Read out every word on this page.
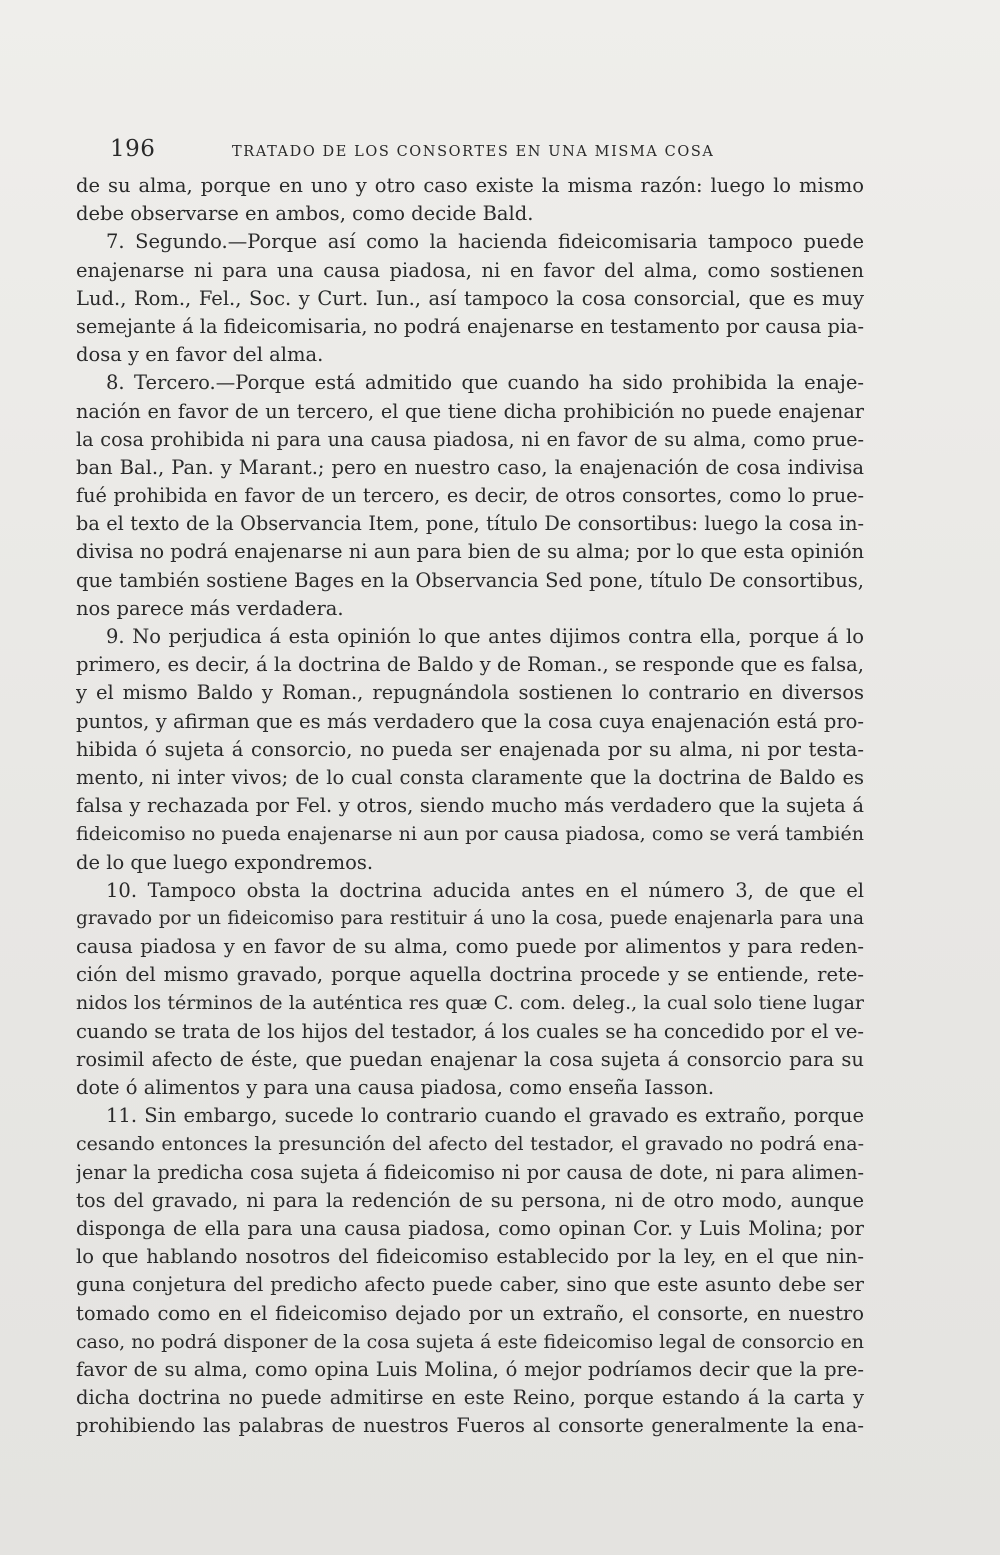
196	TRATADO DE LOS CONSORTES EN UNA MISMA COSA
de su alma, porque en uno y otro caso existe la misma razón: luego lo mismo
debe observarse en ambos, como decide Bald.
7. Segundo.—Porque así como la hacienda fideicomisaria tampoco puede
enajenarse ni para una causa piadosa, ni en favor del alma, como sostienen
Lud., Rom., Fel., Soc. y Curt. Iun., así tampoco la cosa consorcial, que es muy
semejante á la fideicomisaria, no podrá enajenarse en testamento por causa pia-
dosa y en favor del alma.
8. Tercero.—Porque está admitido que cuando ha sido prohibida la enaje-
nación en favor de un tercero, el que tiene dicha prohibición no puede enajenar
la cosa prohibida ni para una causa piadosa, ni en favor de su alma, como prue-
ban Bal., Pan. y Marant.; pero en nuestro caso, la enajenación de cosa indivisa
fué prohibida en favor de un tercero, es decir, de otros consortes, como lo prue-
ba el texto de la Observancia Item, pone, título De consortibus: luego la cosa in-
divisa no podrá enajenarse ni aun para bien de su alma; por lo que esta opinión
que también sostiene Bages en la Observancia Sed pone, título De consortibus,
nos parece más verdadera.
9. No perjudica á esta opinión lo que antes dijimos contra ella, porque á lo
primero, es decir, á la doctrina de Baldo y de Roman., se responde que es falsa,
y el mismo Baldo y Roman., repugnándola sostienen lo contrario en diversos
puntos, y afirman que es más verdadero que la cosa cuya enajenación está pro-
hibida ó sujeta á consorcio, no pueda ser enajenada por su alma, ni por testa-
mento, ni inter vivos; de lo cual consta claramente que la doctrina de Baldo es
falsa y rechazada por Fel. y otros, siendo mucho más verdadero que la sujeta á
fideicomiso no pueda enajenarse ni aun por causa piadosa, como se verá también
de lo que luego expondremos.
10. Tampoco obsta la doctrina aducida antes en el número 3, de que el
gravado por un fideicomiso para restituir á uno la cosa, puede enajenarla para una
causa piadosa y en favor de su alma, como puede por alimentos y para reden-
ción del mismo gravado, porque aquella doctrina procede y se entiende, rete-
nidos los términos de la auténtica res quæ C. com. deleg., la cual solo tiene lugar
cuando se trata de los hijos del testador, á los cuales se ha concedido por el ve-
rosimil afecto de éste, que puedan enajenar la cosa sujeta á consorcio para su
dote ó alimentos y para una causa piadosa, como enseña Iasson.
11. Sin embargo, sucede lo contrario cuando el gravado es extraño, porque
cesando entonces la presunción del afecto del testador, el gravado no podrá ena-
jenar la predicha cosa sujeta á fideicomiso ni por causa de dote, ni para alimen-
tos del gravado, ni para la redención de su persona, ni de otro modo, aunque
disponga de ella para una causa piadosa, como opinan Cor. y Luis Molina; por
lo que hablando nosotros del fideicomiso establecido por la ley, en el que nin-
guna conjetura del predicho afecto puede caber, sino que este asunto debe ser
tomado como en el fideicomiso dejado por un extraño, el consorte, en nuestro
caso, no podrá disponer de la cosa sujeta á este fideicomiso legal de consorcio en
favor de su alma, como opina Luis Molina, ó mejor podríamos decir que la pre-
dicha doctrina no puede admitirse en este Reino, porque estando á la carta y
prohibiendo las palabras de nuestros Fueros al consorte generalmente la ena-
